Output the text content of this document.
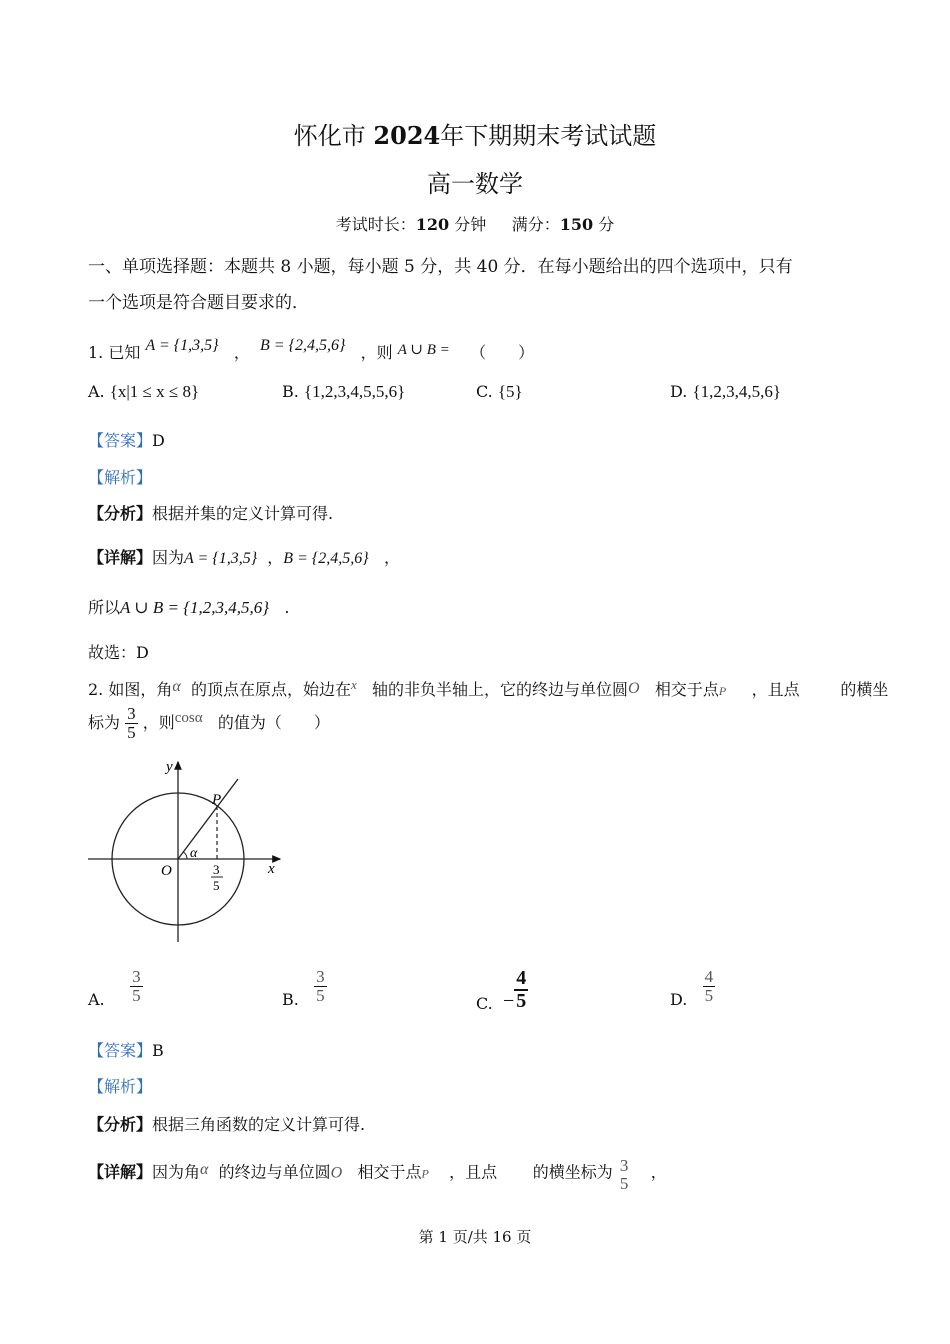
怀化市 2024年下期期末考试试题
高一数学
考试时长：120 分钟 满分：150 分
一、单项选择题：本题共 8 小题，每小题 5 分，共 40 分．在每小题给出的四个选项中，只有
一个选项是符合题目要求的．
1. 已知 A = {1,3,5} ， B = {2,4,5,6} ，则 A ∪ B = （　　）
A. {x|1 ≤ x ≤ 8}	B. {1,2,3,4,5,5,6}	C. {5}	D. {1,2,3,4,5,6}
【答案】D
【解析】
【分析】根据并集的定义计算可得.
【详解】因为A = {1,3,5} ，B = {2,4,5,6} ，
所以A ∪ B = {1,2,3,4,5,6} .
故选：D
2. 如图，角α 的顶点在原点，始边在$^x$ 轴的非负半轴上，它的终边与单位圆O 相交于点P ，且点	的横坐
标为 $\frac{3}{5}$ ，则cosα 的值为（　　）
y
x
O
P
α
3
5
A. $\frac{3}{5}$	B. $\frac{3}{5}$	C. − $\frac{4}{5}$	D. $\frac{4}{5}$
【答案】B
【解析】
【分析】根据三角函数的定义计算可得.
【详解】因为角α 的终边与单位圆O 相交于点P ，且点 的横坐标为 3
5
，
第 1 页/共 16 页
